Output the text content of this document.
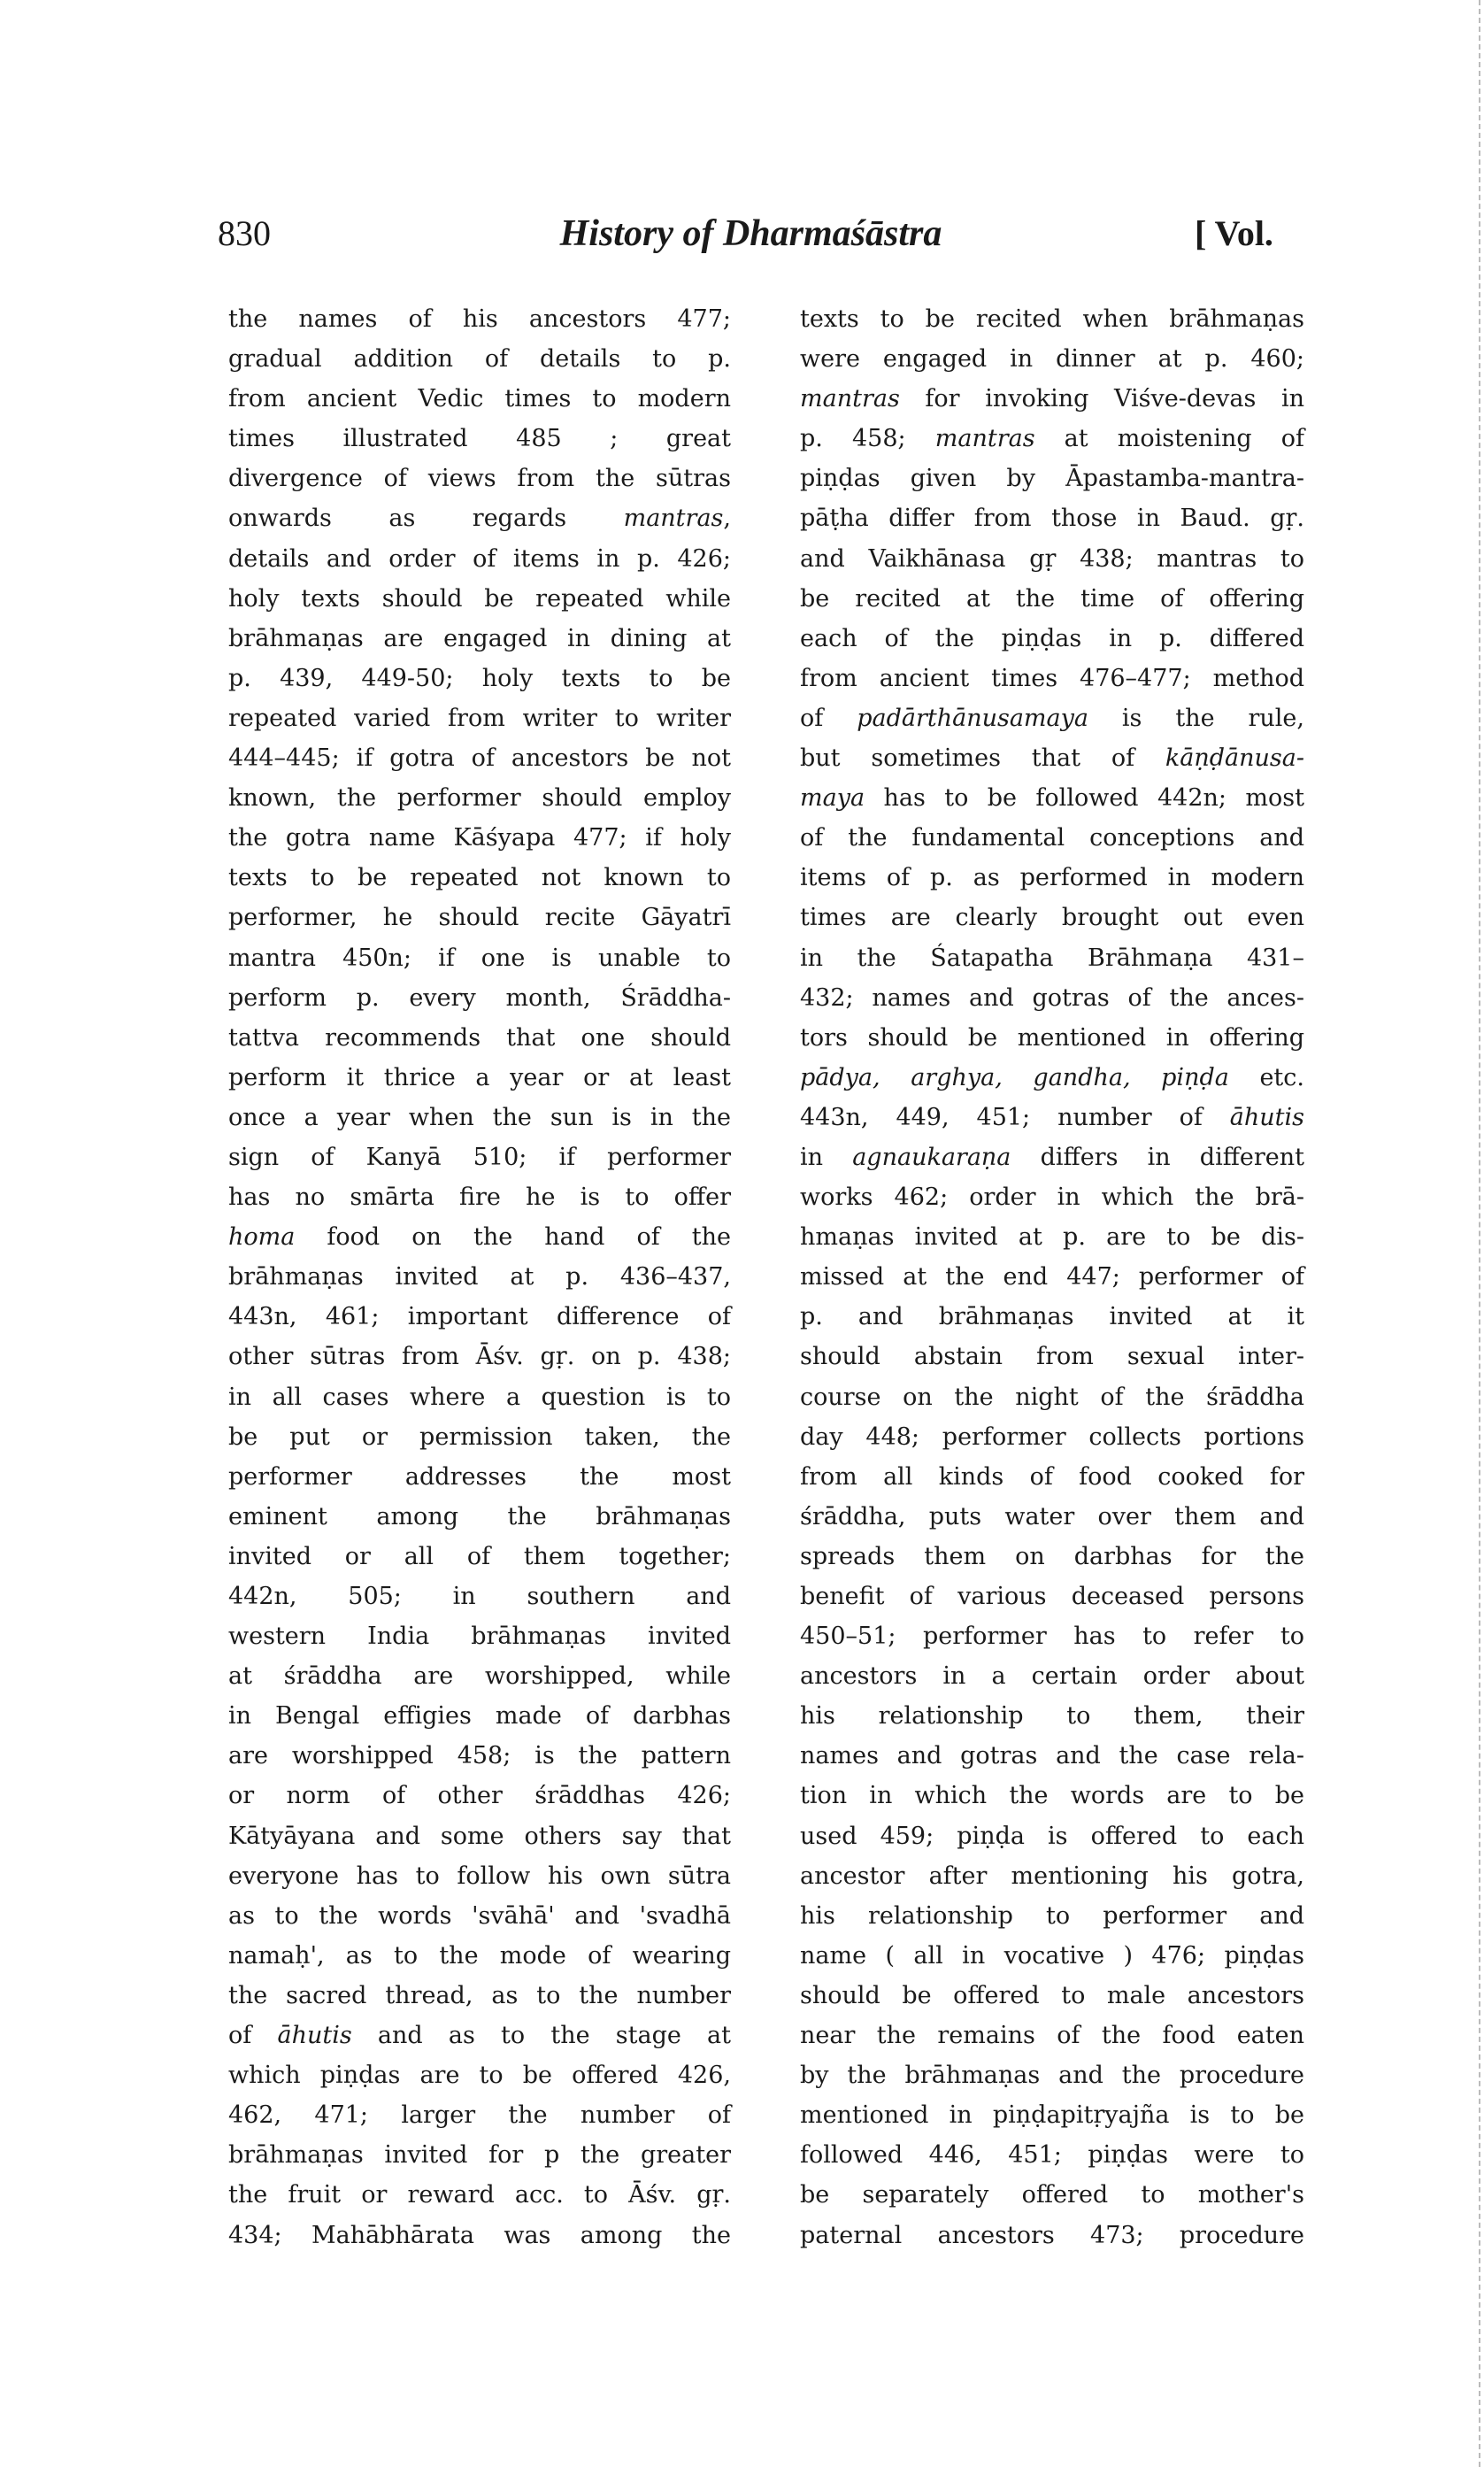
830	History of Dharmaśāstra	[ Vol.
the names of his ancestors 477;
gradual addition of details to p.
from ancient Vedic times to modern
times illustrated 485 ; great
divergence of views from the sūtras
onwards as regards mantras,
details and order of items in p. 426;
holy texts should be repeated while
brāhmaṇas are engaged in dining at
p. 439, 449-50; holy texts to be
repeated varied from writer to writer
444–445; if gotra of ancestors be not
known, the performer should employ
the gotra name Kāśyapa 477; if holy
texts to be repeated not known to
performer, he should recite Gāyatrī
mantra 450n; if one is unable to
perform p. every month, Śrāddha-
tattva recommends that one should
perform it thrice a year or at least
once a year when the sun is in the
sign of Kanyā 510; if performer
has no smārta fire he is to offer
homa food on the hand of the
brāhmaṇas invited at p. 436–437,
443n, 461; important difference of
other sūtras from Āśv. gṛ. on p. 438;
in all cases where a question is to
be put or permission taken, the
performer addresses the most
eminent among the brāhmaṇas
invited or all of them together;
442n, 505; in southern and
western India brāhmaṇas invited
at śrāddha are worshipped, while
in Bengal effigies made of darbhas
are worshipped 458; is the pattern
or norm of other śrāddhas 426;
Kātyāyana and some others say that
everyone has to follow his own sūtra
as to the words 'svāhā' and 'svadhā
namaḥ', as to the mode of wearing
the sacred thread, as to the number
of āhutis and as to the stage at
which piṇḍas are to be offered 426,
462, 471; larger the number of
brāhmaṇas invited for p the greater
the fruit or reward acc. to Āśv. gṛ.
434; Mahābhārata was among the
texts to be recited when brāhmaṇas
were engaged in dinner at p. 460;
mantras for invoking Viśve-devas in
p. 458; mantras at moistening of
piṇḍas given by Āpastamba-mantra-
pāṭha differ from those in Baud. gṛ.
and Vaikhānasa gṛ 438; mantras to
be recited at the time of offering
each of the piṇḍas in p. differed
from ancient times 476–477; method
of padārthānusamaya is the rule,
but sometimes that of kāṇḍānusa-
maya has to be followed 442n; most
of the fundamental conceptions and
items of p. as performed in modern
times are clearly brought out even
in the Śatapatha Brāhmaṇa 431–
432; names and gotras of the ances-
tors should be mentioned in offering
pādya, arghya, gandha, piṇḍa etc.
443n, 449, 451; number of āhutis
in agnaukaraṇa differs in different
works 462; order in which the brā-
hmaṇas invited at p. are to be dis-
missed at the end 447; performer of
p. and brāhmaṇas invited at it
should abstain from sexual inter-
course on the night of the śrāddha
day 448; performer collects portions
from all kinds of food cooked for
śrāddha, puts water over them and
spreads them on darbhas for the
benefit of various deceased persons
450–51; performer has to refer to
ancestors in a certain order about
his relationship to them, their
names and gotras and the case rela-
tion in which the words are to be
used 459; piṇḍa is offered to each
ancestor after mentioning his gotra,
his relationship to performer and
name ( all in vocative ) 476; piṇḍas
should be offered to male ancestors
near the remains of the food eaten
by the brāhmaṇas and the procedure
mentioned in piṇḍapitṛyajña is to be
followed 446, 451; piṇḍas were to
be separately offered to mother's
paternal ancestors 473; procedure
